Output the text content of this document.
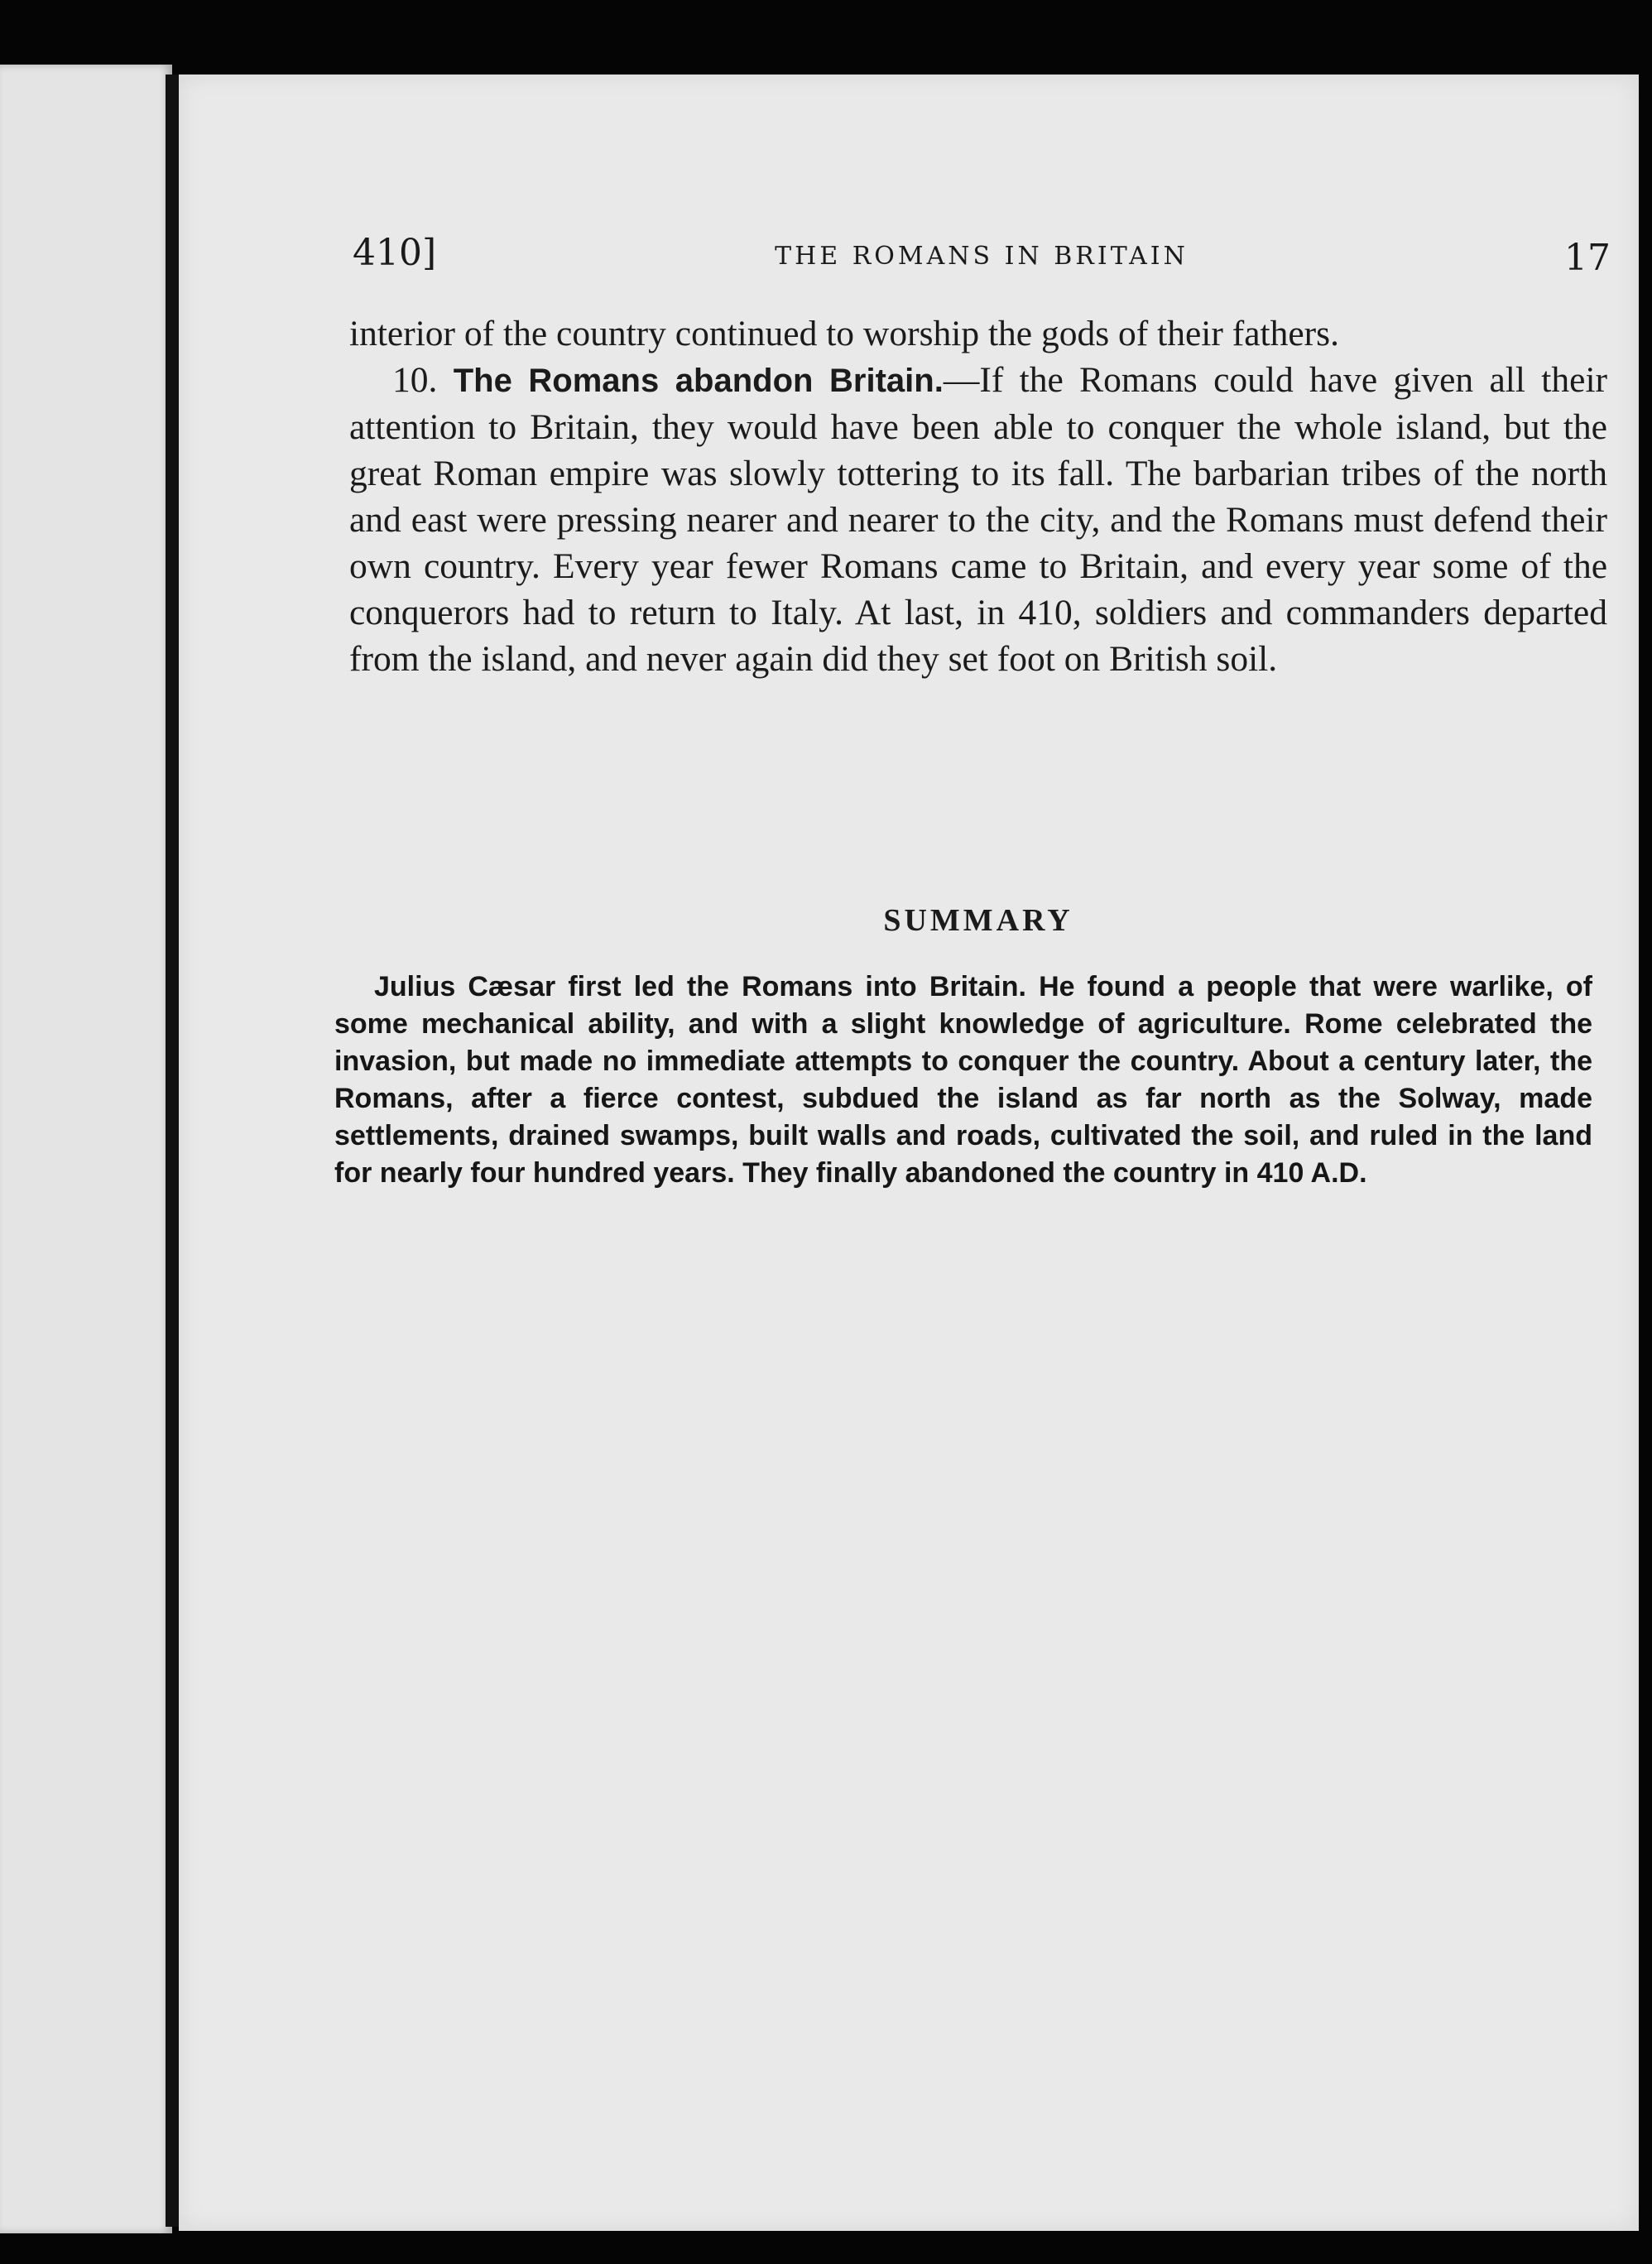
410]	THE ROMANS IN BRITAIN	17

interior of the country continued to worship the gods of their fathers.

10. The Romans abandon Britain.—If the Romans could have given all their attention to Britain, they would have been able to conquer the whole island, but the great Roman empire was slowly tottering to its fall. The barbarian tribes of the north and east were pressing nearer and nearer to the city, and the Romans must defend their own country. Every year fewer Romans came to Britain, and every year some of the conquerors had to return to Italy. At last, in 410, soldiers and commanders departed from the island, and never again did they set foot on British soil.

SUMMARY

Julius Cæsar first led the Romans into Britain. He found a people that were warlike, of some mechanical ability, and with a slight knowledge of agriculture. Rome celebrated the invasion, but made no immediate attempts to conquer the country. About a century later, the Romans, after a fierce contest, subdued the island as far north as the Solway, made settlements, drained swamps, built walls and roads, cultivated the soil, and ruled in the land for nearly four hundred years. They finally abandoned the country in 410 A.D.
